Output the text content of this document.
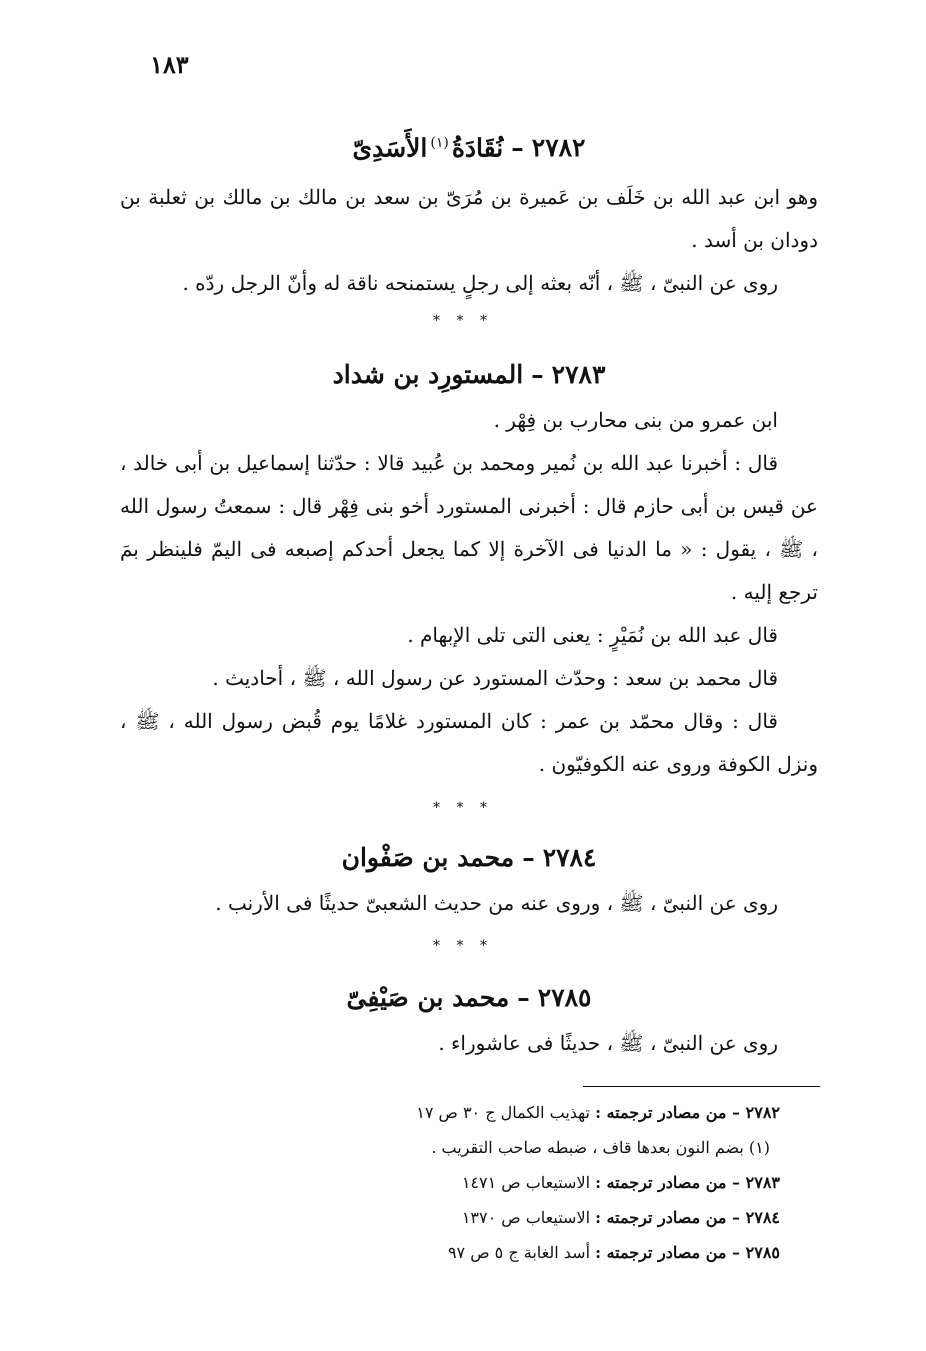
١٨٣
٢٧٨٢–نُقَادَةُ$^{(١)}$الأَسَدِىّ

وهو ابن عبد الله بن خَلَف بن عَميرة بن مُرَىّ بن سعد بن مالك بن مالك بن ثعلبة بن دودان بن أسد .

روى عن النبىّ ، ﷺ ، أنّه بعثه إلى رجلٍ يستمنحه ناقة له وأنّ الرجل ردّه .

* * *
٢٧٨٣–المستورِد بن شداد

ابن عمرو من بنى محارب بن فِهْر .

قال : أخبرنا عبد الله بن نُمير ومحمد بن عُبيد قالا : حدّثنا إسماعيل بن أبى خالد ، عن قيس بن أبى حازم قال : أخبرنى المستورد أخو بنى فِهْر قال : سمعتُ رسول الله ، ﷺ ، يقول : « ما الدنيا فى الآخرة إلا كما يجعل أحدكم إصبعه فى اليمّ فلينظر بمَ ترجع إليه .

قال عبد الله بن نُمَيْرٍ : يعنى التى تلى الإبهام .

قال محمد بن سعد : وحدّث المستورد عن رسول الله ، ﷺ ، أحاديث .

قال : وقال محمّد بن عمر : كان المستورد غلامًا يوم قُبض رسول الله ، ﷺ ، ونزل الكوفة وروى عنه الكوفيّون .

* * *
٢٧٨٤–محمد بن صَفْوان

روى عن النبىّ ، ﷺ ، وروى عنه من حديث الشعبىّ حديثًا فى الأرنب .

* * *
٢٧٨٥–محمد بن صَيْفِىّ

روى عن النبىّ ، ﷺ ، حديثًا فى عاشوراء .

٢٧٨٢ – من مصادر ترجمته : تهذيب الكمال ج ٣٠ ص ١٧
(١) بضم النون بعدها قاف ، ضبطه صاحب التقريب .
٢٧٨٣ – من مصادر ترجمته : الاستيعاب ص ١٤٧١
٢٧٨٤ – من مصادر ترجمته : الاستيعاب ص ١٣٧٠
٢٧٨٥ – من مصادر ترجمته : أسد الغابة ج ٥ ص ٩٧
